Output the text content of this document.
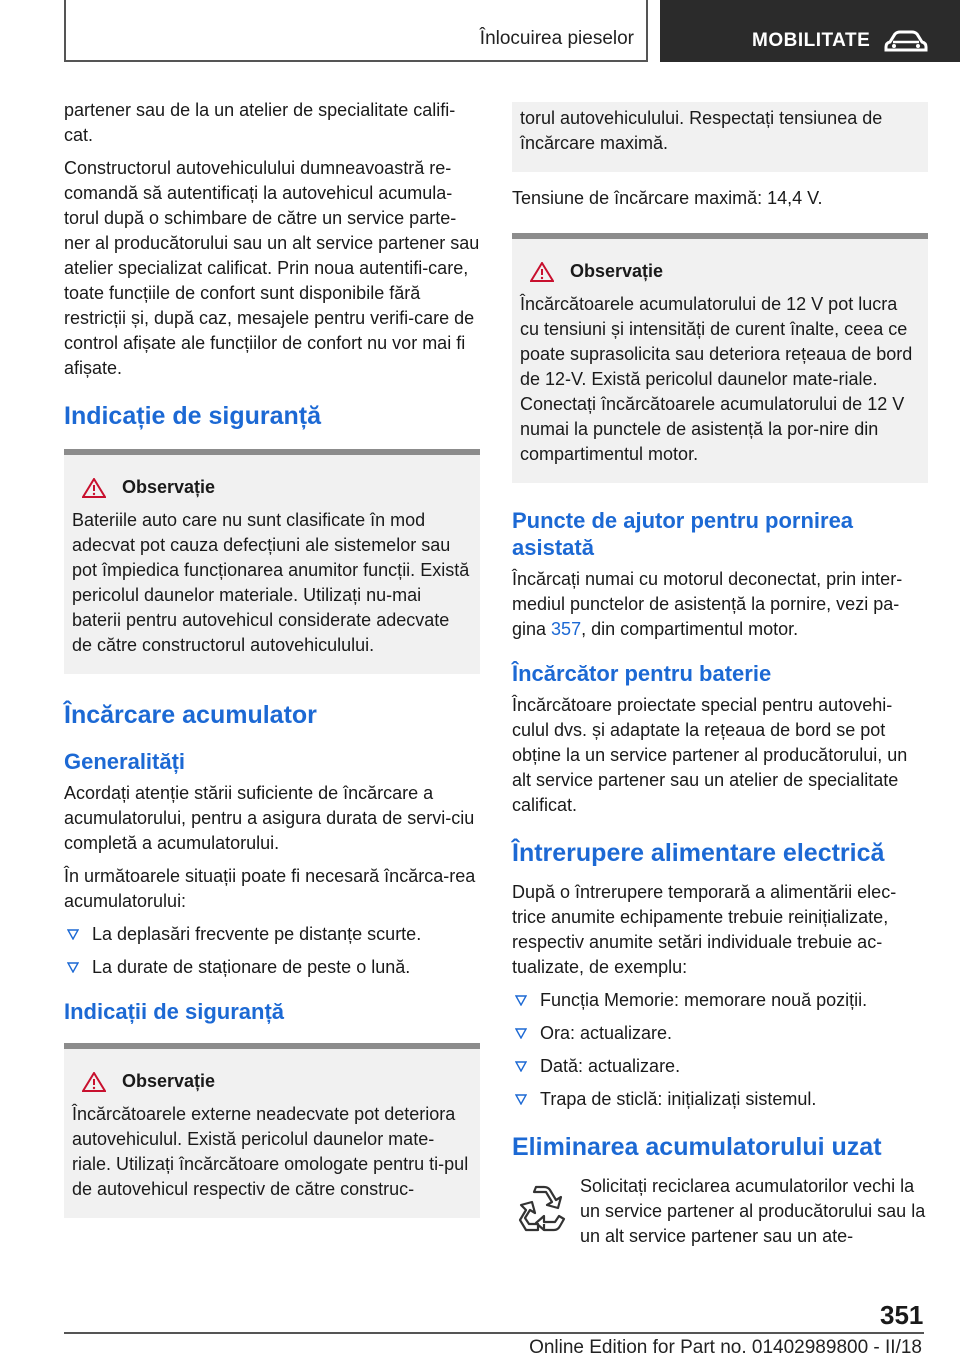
Înlocuirea pieselor	MOBILITATE

partener sau de la un atelier de specialitate califi-cat.

Constructorul autovehiculului dumneavoastră re-comandă să autentificați la autovehicul acumula-torul după o schimbare de către un service parte-ner al producătorului sau un alt service partener sau atelier specializat calificat. Prin noua autentifi-care, toate funcțiile de confort sunt disponibile fără restricții și, după caz, mesajele pentru verifi-care de control afișate ale funcțiilor de confort nu vor mai fi afișate.

Indicație de siguranță
Observație

Bateriile auto care nu sunt clasificate în mod adecvat pot cauza defecțiuni ale sistemelor sau pot împiedica funcționarea anumitor funcții. Există pericolul daunelor materiale. Utilizați nu-mai baterii pentru autovehicul considerate adecvate de către constructorul autovehiculului.

Încărcare acumulator
Generalități

Acordați atenție stării suficiente de încărcare a acumulatorului, pentru a asigura durata de servi-ciu completă a acumulatorului.

În următoarele situații poate fi necesară încărca-rea acumulatorului:

La deplasări frecvente pe distanțe scurte.
La durate de staționare de peste o lună.
Indicații de siguranță
Observație

Încărcătoarele externe neadecvate pot deteriora autovehiculul. Există pericolul daunelor mate-riale. Utilizați încărcătoare omologate pentru ti-pul de autovehicul respectiv de către construc-

torul autovehiculului. Respectați tensiunea de încărcare maximă.

Tensiune de încărcare maximă: 14,4 V.

Observație

Încărcătoarele acumulatorului de 12 V pot lucra cu tensiuni și intensități de curent înalte, ceea ce poate suprasolicita sau deteriora rețeaua de bord de 12-V. Există pericolul daunelor mate-riale. Conectați încărcătoarele acumulatorului de 12 V numai la punctele de asistență la por-nire din compartimentul motor.

Puncte de ajutor pentru pornirea asistată

Încărcați numai cu motorul deconectat, prin inter-mediul punctelor de asistență la pornire, vezi pa-gina 357, din compartimentul motor.

Încărcător pentru baterie

Încărcătoare proiectate special pentru autovehi-culul dvs. și adaptate la rețeaua de bord se pot obține la un service partener al producătorului, un alt service partener sau un atelier de specialitate calificat.

Întrerupere alimentare electrică

După o întrerupere temporară a alimentării elec-trice anumite echipamente trebuie reinițializate, respectiv anumite setări individuale trebuie ac-tualizate, de exemplu:

Funcția Memorie: memorare nouă poziții.
Ora: actualizare.
Dată: actualizare.
Trapa de sticlă: inițializați sistemul.
Eliminarea acumulatorului uzat

Solicitați reciclarea acumulatorilor vechi la un service partener al producătorului sau la un alt service partener sau un ate-

351
Online Edition for Part no. 01402989800 - II/18
